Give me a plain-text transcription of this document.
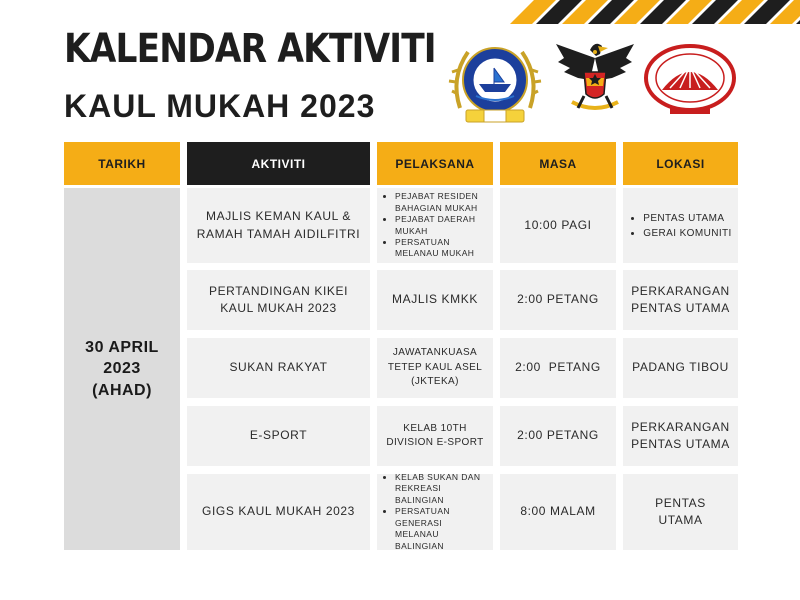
KALENDAR AKTIVITI
KAUL MUKAH 2023
TARIKH	AKTIVITI	PELAKSANA	MASA	LOKASI
30 APRIL
2023
(AHAD)
MAJLIS KEMAN KAUL & RAMAH TAMAH AIDILFITRI
• PEJABAT RESIDEN BAHAGIAN MUKAH
• PEJABAT DAERAH MUKAH
• PERSATUAN MELANAU MUKAH
10:00 PAGI
•	PENTAS UTAMA
• GERAI KOMUNITI
PERTANDINGAN KIKEI KAUL MUKAH 2023
MAJLIS KMKK	2:00 PETANG
PERKARANGAN PENTAS UTAMA
SUKAN RAKYAT
JAWATANKUASA TETEP KAUL ASEL (JKTEKA)
2:00  PETANG	PADANG TIBOU
E-SPORT
KELAB 10TH DIVISION E-SPORT
2:00 PETANG
PERKARANGAN PENTAS UTAMA
GIGS KAUL MUKAH 2023
• KELAB SUKAN DAN REKREASI BALINGIAN
• PERSATUAN GENERASI MELANAU BALINGIAN
8:00 MALAM
PENTAS UTAMA
